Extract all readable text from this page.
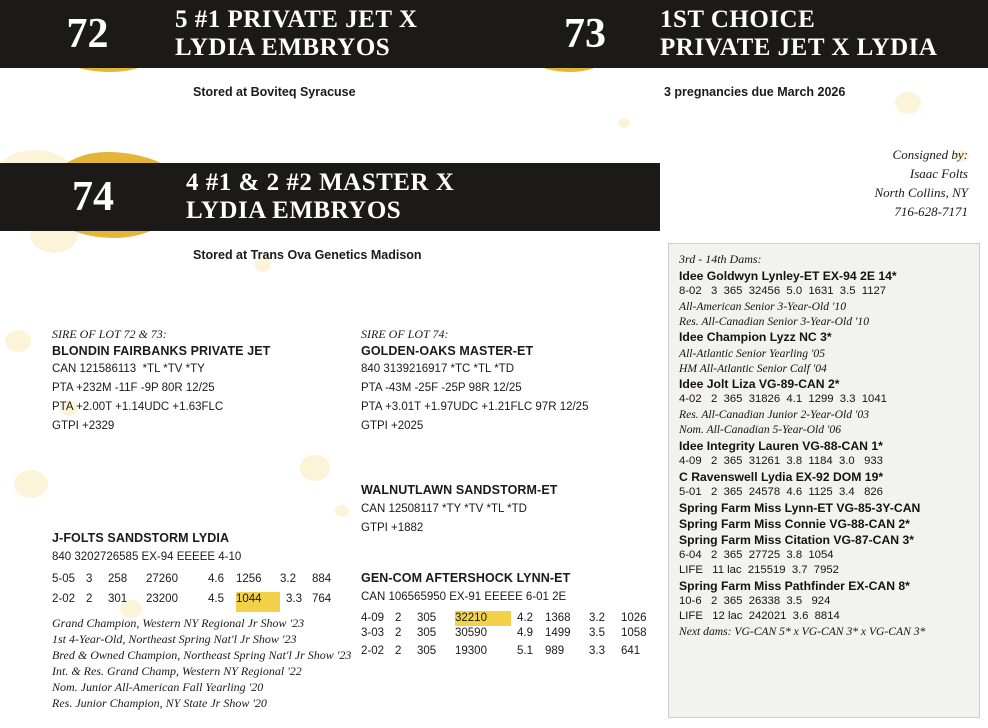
72	5 #1 PRIVATE JET X
LYDIA EMBRYOS
Stored at Boviteq Syracuse
73	1ST CHOICE
PRIVATE JET X LYDIA
3 pregnancies due March 2026
74	4 #1 & 2 #2 MASTER X
LYDIA EMBRYOS
Stored at Trans Ova Genetics Madison
Consigned by:
Isaac Folts
North Collins, NY
716-628-7171
SIRE OF LOT 72 & 73:
BLONDIN FAIRBANKS PRIVATE JET
CAN 121586113  *TL *TV *TY
PTA +232M -11F -9P 80R 12/25
PTA +2.00T +1.14UDC +1.63FLC
GTPI +2329
SIRE OF LOT 74:
GOLDEN-OAKS MASTER-ET
840 3139216917 *TC *TL *TD
PTA -43M -25F -25P 98R 12/25
PTA +3.01T +1.97UDC +1.21FLC 97R 12/25
GTPI +2025
WALNUTLAWN SANDSTORM-ET
CAN 12508117 *TY *TV *TL *TD
GTPI +1882
GEN-COM AFTERSHOCK LYNN-ET
CAN 106565950 EX-91 EEEEE 6-01 2E
4-09	2	305	32210	4.2	1368	3.2	1026
3-03	2	305	30590	4.9	1499	3.5	1058
2-02	2	305	19300	5.1	989	3.3	641
J-FOLTS SANDSTORM LYDIA
840 3202726585 EX-94 EEEEE 4-10
5-05	3	258	27260	4.6	1256	3.2	884
2-02	2	301	23200	4.5	1044	3.3	764
Grand Champion, Western NY Regional Jr Show '23
1st 4-Year-Old, Northeast Spring Nat'l Jr Show '23
Bred & Owned Champion, Northeast Spring Nat'l Jr Show '23
Int. & Res. Grand Champ, Western NY Regional '22
Nom. Junior All-American Fall Yearling '20
Res. Junior Champion, NY State Jr Show '20
3rd - 14th Dams:
Idee Goldwyn Lynley-ET EX-94 2E 14*
8-02   3  365  32456  5.0  1631  3.5  1127
All-American Senior 3-Year-Old '10
Res. All-Canadian Senior 3-Year-Old '10
Idee Champion Lyzz NC 3*
All-Atlantic Senior Yearling '05
HM All-Atlantic Senior Calf '04
Idee Jolt Liza VG-89-CAN 2*
4-02   2  365  31826  4.1  1299  3.3  1041
Res. All-Canadian Junior 2-Year-Old '03
Nom. All-Canadian 5-Year-Old '06
Idee Integrity Lauren VG-88-CAN 1*
4-09   2  365  31261  3.8  1184  3.0   933
C Ravenswell Lydia EX-92 DOM 19*
5-01   2  365  24578  4.6  1125  3.4   826
Spring Farm Miss Lynn-ET VG-85-3Y-CAN
Spring Farm Miss Connie VG-88-CAN 2*
Spring Farm Miss Citation VG-87-CAN 3*
6-04   2  365  27725  3.8  1054
LIFE   11 lac  215519  3.7  7952
Spring Farm Miss Pathfinder EX-CAN 8*
10-6   2  365  26338  3.5   924
LIFE   12 lac  242021  3.6  8814
Next dams: VG-CAN 5* x VG-CAN 3* x VG-CAN 3*
